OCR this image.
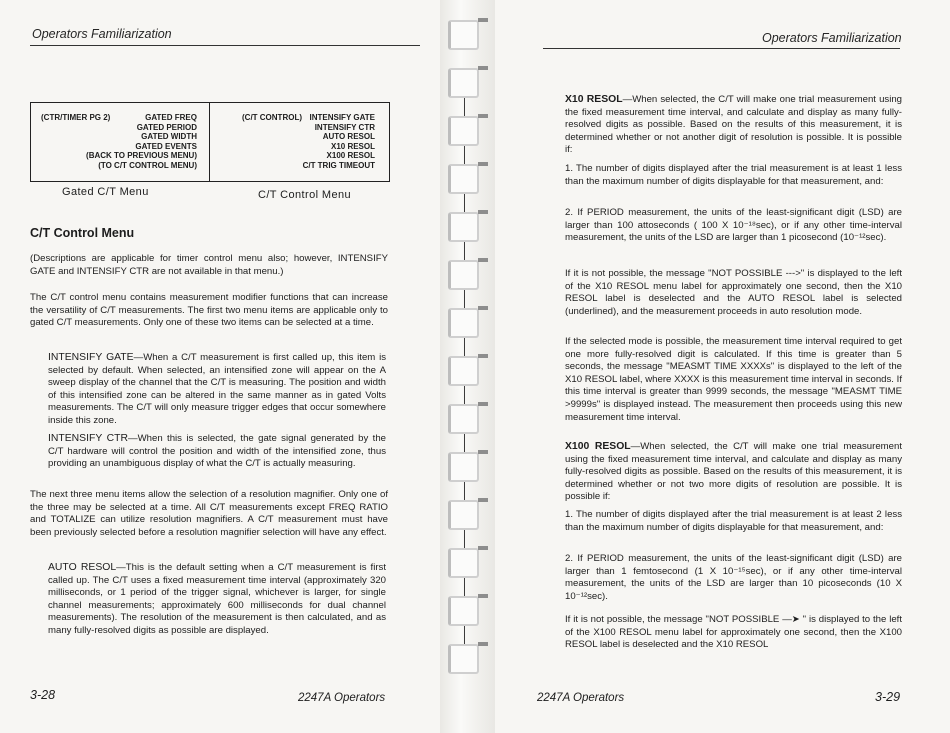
Operators Familiarization
(CTR/TIMER PG 2)	GATED FREQ
GATED PERIOD
GATED WIDTH
GATED EVENTS
(BACK TO PREVIOUS MENU)
(TO C/T CONTROL MENU)
(C/T CONTROL) INTENSIFY GATE
INTENSIFY CTR
AUTO RESOL
X10 RESOL
X100 RESOL
C/T TRIG TIMEOUT
Gated C/T Menu	C/T Control Menu
C/T Control Menu

(Descriptions are applicable for timer control menu also; however, INTENSIFY GATE and INTENSIFY CTR are not available in that menu.)

The C/T control menu contains measurement modifier functions that can increase the versatility of C/T measurements. The first two menu items are applicable only to gated C/T measurements. Only one of these two items can be selected at a time.

INTENSIFY GATE—When a C/T measurement is first called up, this item is selected by default. When selected, an intensified zone will appear on the A sweep display of the channel that the C/T is measuring. The position and width of this intensified zone can be altered in the same manner as in gated Volts measurements. The C/T will only measure trigger edges that occur somewhere inside this zone.

INTENSIFY CTR—When this is selected, the gate signal generated by the C/T hardware will control the position and width of the intensified zone, thus providing an unambiguous display of what the C/T is actually measuring.

The next three menu items allow the selection of a resolution magnifier. Only one of the three may be selected at a time. All C/T measurements except FREQ RATIO and TOTALIZE can utilize resolution magnifiers. A C/T measurement must have been previously selected before a resolution magnifier selection will have any effect.

AUTO RESOL—This is the default setting when a C/T measurement is first called up. The C/T uses a fixed measurement time interval (approximately 320 milliseconds, or 1 period of the trigger signal, whichever is larger, for single channel measurements; approximately 600 milliseconds for dual channel measurements). The resolution of the measurement is then calculated, and as many fully-resolved digits as possible are displayed.

3-28	2247A Operators
Operators Familiarization

X10 RESOL—When selected, the C/T will make one trial measurement using the fixed measurement time interval, and calculate and display as many fully-resolved digits as possible. Based on the results of this measurement, it is determined whether or not another digit of resolution is possible. It is possible if:

1. The number of digits displayed after the trial measurement is at least 1 less than the maximum number of digits displayable for that measurement, and:

2. If PERIOD measurement, the units of the least-significant digit (LSD) are larger than 100 attoseconds ( 100 X 10⁻¹⁸sec), or if any other time-interval measurement, the units of the LSD are larger than 1 picosecond (10⁻¹²sec).

If it is not possible, the message "NOT POSSIBLE --->" is displayed to the left of the X10 RESOL menu label for approximately one second, then the X10 RESOL label is deselected and the AUTO RESOL label is selected (underlined), and the measurement proceeds in auto resolution mode.

If the selected mode is possible, the measurement time interval required to get one more fully-resolved digit is calculated. If this time is greater than 5 seconds, the message "MEASMT TIME XXXXs" is displayed to the left of the X10 RESOL label, where XXXX is this measurement time interval in seconds. If this time interval is greater than 9999 seconds, the message "MEASMT TIME >9999s" is displayed instead. The measurement then proceeds using this new measurement time interval.

X100 RESOL—When selected, the C/T will make one trial measurement using the fixed measurement time interval, and calculate and display as many fully-resolved digits as possible. Based on the results of this measurement, it is determined whether or not two more digits of resolution are possible. It is possible if:

1. The number of digits displayed after the trial measurement is at least 2 less than the maximum number of digits displayable for that measurement, and:

2. If PERIOD measurement, the units of the least-significant digit (LSD) are larger than 1 femtosecond (1 X 10⁻¹⁵sec), or if any other time-interval measurement, the units of the LSD are larger than 10 picoseconds (10 X 10⁻¹²sec).

If it is not possible, the message "NOT POSSIBLE —➤ " is displayed to the left of the X100 RESOL menu label for approximately one second, then the X100 RESOL label is deselected and the X10 RESOL

2247A Operators	3-29
